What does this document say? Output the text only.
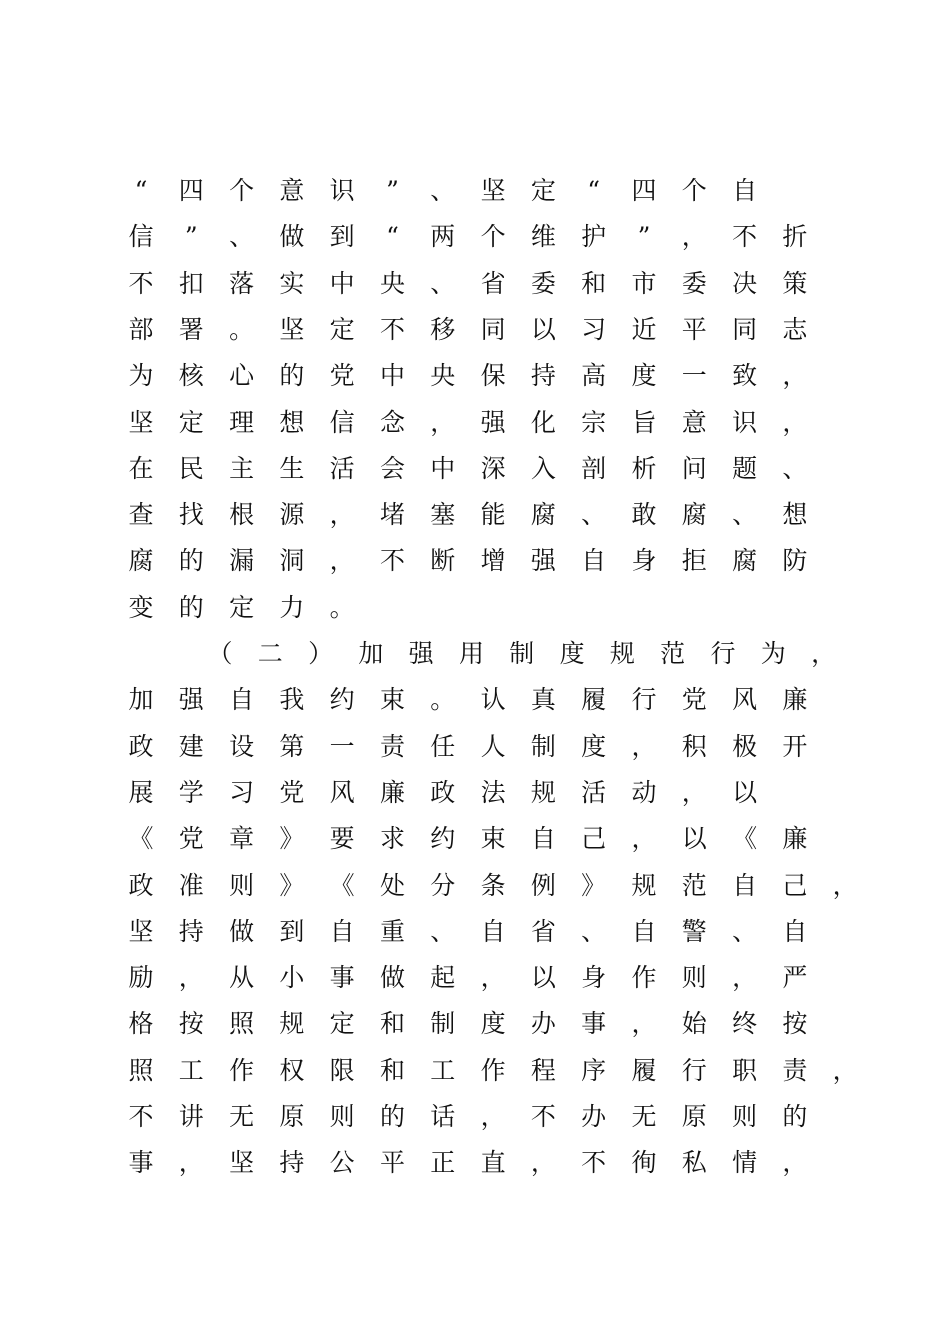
“	四 个 意 识	”	、 坚 定	“	四 个 自
信	”	、 做 到	“	两 个 维 护	”	， 不 折
不 扣 落 实 中 央 、 省 委 和 市 委 决 策
部 署 。 坚 定 不 移 同 以 习 近 平 同 志
为 核 心 的 党 中 央 保 持 高 度 一 致 ，
坚 定 理 想 信 念 ， 强 化 宗 旨 意 识 ，
在 民 主 生 活 会 中 深 入 剖 析 问 题 、
查 找 根 源 ， 堵 塞 能 腐 、 敢 腐 、 想
腐 的 漏 洞 ， 不 断 增 强 自 身 拒 腐 防
变 的 定 力 。
（ 二 ） 加 强 用 制 度 规 范 行 为 ，
加 强 自 我 约 束 。 认 真 履 行 党 风 廉
政 建 设 第 一 责 任 人 制 度 ， 积 极 开
展 学 习 党 风 廉 政 法 规 活 动 ， 以
《 党 章 》 要 求 约 束 自 己 ， 以 《 廉
政 准 则 》 《 处 分 条 例 》 规 范 自 己 ，
坚 持 做 到 自 重 、 自 省 、 自 警 、 自
励 ， 从 小 事 做 起 ， 以 身 作 则 ， 严
格 按 照 规 定 和 制 度 办 事 ， 始 终 按
照 工 作 权 限 和 工 作 程 序 履 行 职 责 ，
不 讲 无 原 则 的 话 ， 不 办 无 原 则 的
事 ， 坚 持 公 平 正 直 ， 不 徇 私 情 ，
